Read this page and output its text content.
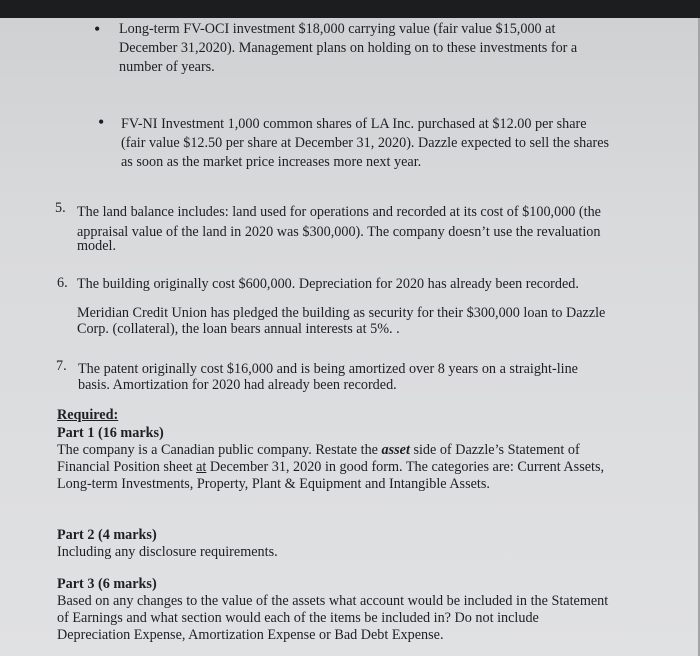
• Long-term FV-OCI investment $18,000 carrying value (fair value $15,000 at

December 31,2020). Management plans on holding on to these investments for a

number of years.

• FV-NI Investment 1,000 common shares of LA Inc. purchased at $12.00 per share

(fair value $12.50 per share at December 31, 2020). Dazzle expected to sell the shares

as soon as the market price increases more next year.

5. The land balance includes: land used for operations and recorded at its cost of $100,000 (the

appraisal value of the land in 2020 was $300,000). The company doesn’t use the revaluation

model.

6. The building originally cost $600,000. Depreciation for 2020 has already been recorded.

Meridian Credit Union has pledged the building as security for their $300,000 loan to Dazzle

Corp. (collateral), the loan bears annual interests at 5%. .

7. The patent originally cost $16,000 and is being amortized over 8 years on a straight-line

basis. Amortization for 2020 had already been recorded.

Required:

Part 1 (16 marks)

The company is a Canadian public company. Restate the asset side of Dazzle’s Statement of

Financial Position sheet at December 31, 2020 in good form. The categories are: Current Assets,

Long-term Investments, Property, Plant & Equipment and Intangible Assets.

Part 2 (4 marks)

Including any disclosure requirements.

Part 3 (6 marks)

Based on any changes to the value of the assets what account would be included in the Statement

of Earnings and what section would each of the items be included in? Do not include

Depreciation Expense, Amortization Expense or Bad Debt Expense.
